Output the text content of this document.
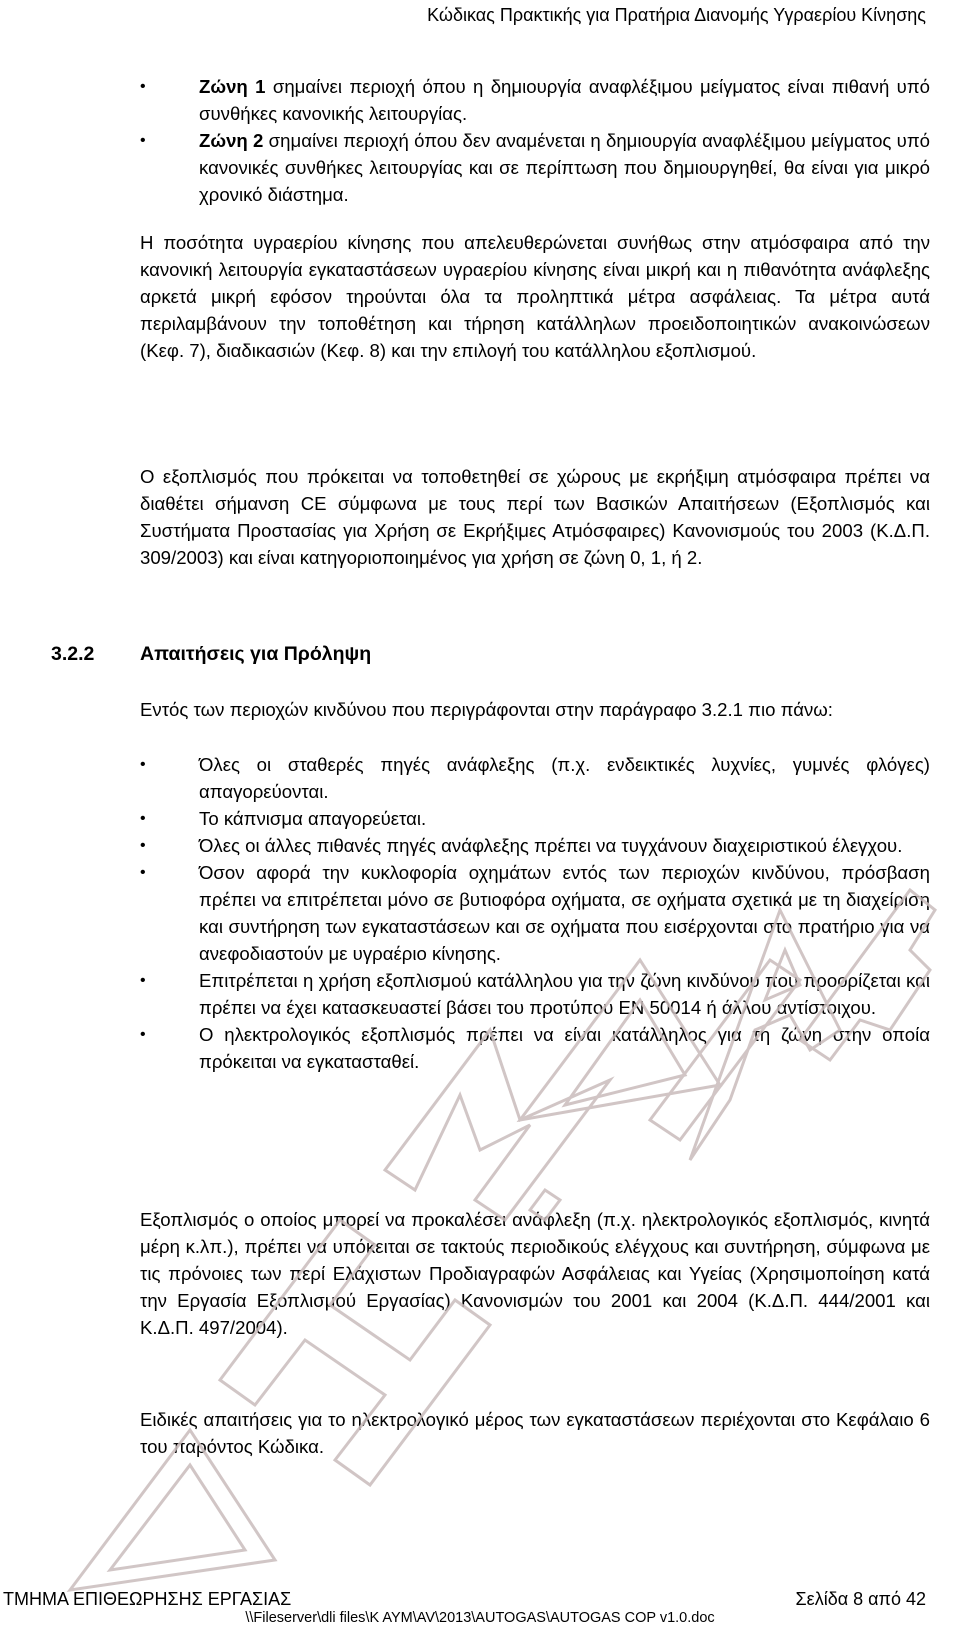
Κώδικας Πρακτικής για Πρατήρια Διανομής Υγραερίου Κίνησης
•	Ζώνη 1 σημαίνει περιοχή όπου η δημιουργία αναφλέξιμου μείγματος είναι πιθανή υπό συνθήκες κανονικής λειτουργίας.
•	Ζώνη 2 σημαίνει περιοχή όπου δεν αναμένεται η δημιουργία αναφλέξιμου μείγματος υπό κανονικές συνθήκες λειτουργίας και σε περίπτωση που δημιουργηθεί, θα είναι για μικρό χρονικό διάστημα.

Η ποσότητα υγραερίου κίνησης που απελευθερώνεται συνήθως στην ατμόσφαιρα από την κανονική λειτουργία εγκαταστάσεων υγραερίου κίνησης είναι μικρή και η πιθανότητα ανάφλεξης αρκετά μικρή εφόσον τηρούνται όλα τα προληπτικά μέτρα ασφάλειας. Τα μέτρα αυτά περιλαμβάνουν την τοποθέτηση και τήρηση κατάλληλων προειδοποιητικών ανακοινώσεων (Κεφ. 7), διαδικασιών (Κεφ. 8) και την επιλογή του κατάλληλου εξοπλισμού.

Ο εξοπλισμός που πρόκειται να τοποθετηθεί σε χώρους με εκρήξιμη ατμόσφαιρα πρέπει να διαθέτει σήμανση CE σύμφωνα με τους περί των Βασικών Απαιτήσεων (Εξοπλισμός και Συστήματα Προστασίας για Χρήση σε Εκρήξιμες Ατμόσφαιρες) Κανονισμούς του 2003 (Κ.Δ.Π. 309/2003) και είναι κατηγοριοποιημένος για χρήση σε ζώνη 0, 1, ή 2.

3.2.2 Απαιτήσεις για Πρόληψη

Εντός των περιοχών κινδύνου που περιγράφονται στην παράγραφο 3.2.1 πιο πάνω:

•	Όλες οι σταθερές πηγές ανάφλεξης (π.χ. ενδεικτικές λυχνίες, γυμνές φλόγες) απαγορεύονται.
•	Το κάπνισμα απαγορεύεται.
•	Όλες οι άλλες πιθανές πηγές ανάφλεξης πρέπει να τυγχάνουν διαχειριστικού έλεγχου.
•	Όσον αφορά την κυκλοφορία οχημάτων εντός των περιοχών κινδύνου, πρόσβαση πρέπει να επιτρέπεται μόνο σε βυτιοφόρα οχήματα, σε οχήματα σχετικά με τη διαχείριση και συντήρηση των εγκαταστάσεων και σε οχήματα που εισέρχονται στο πρατήριο για να ανεφοδιαστούν με υγραέριο κίνησης.
•	Επιτρέπεται η χρήση εξοπλισμού κατάλληλου για την ζώνη κινδύνου που προορίζεται και πρέπει να έχει κατασκευαστεί βάσει του προτύπου EN 50014 ή άλλου αντίστοιχου.
•	Ο ηλεκτρολογικός εξοπλισμός πρέπει να είναι κατάλληλος για τη ζώνη στην οποία πρόκειται να εγκατασταθεί.

Εξοπλισμός ο οποίος μπορεί να προκαλέσει ανάφλεξη (π.χ. ηλεκτρολογικός εξοπλισμός, κινητά μέρη κ.λπ.), πρέπει να υπόκειται σε τακτούς περιοδικούς ελέγχους και συντήρηση, σύμφωνα με τις πρόνοιες των περί Ελάχιστων Προδιαγραφών Ασφάλειας και Υγείας (Χρησιμοποίηση κατά την Εργασία Εξοπλισμού Εργασίας) Κανονισμών του 2001 και 2004 (Κ.Δ.Π. 444/2001 και Κ.Δ.Π. 497/2004).

Ειδικές απαιτήσεις για το ηλεκτρολογικό μέρος των εγκαταστάσεων περιέχονται στο Κεφάλαιο 6 του παρόντος Κώδικα.

ΤΜΗΜΑ ΕΠΙΘΕΩΡΗΣΗΣ ΕΡΓΑΣΙΑΣ	Σελίδα 8 από 42
\\Fileserver\dli files\K AYM\AV\2013\AUTOGAS\AUTOGAS COP v1.0.doc
